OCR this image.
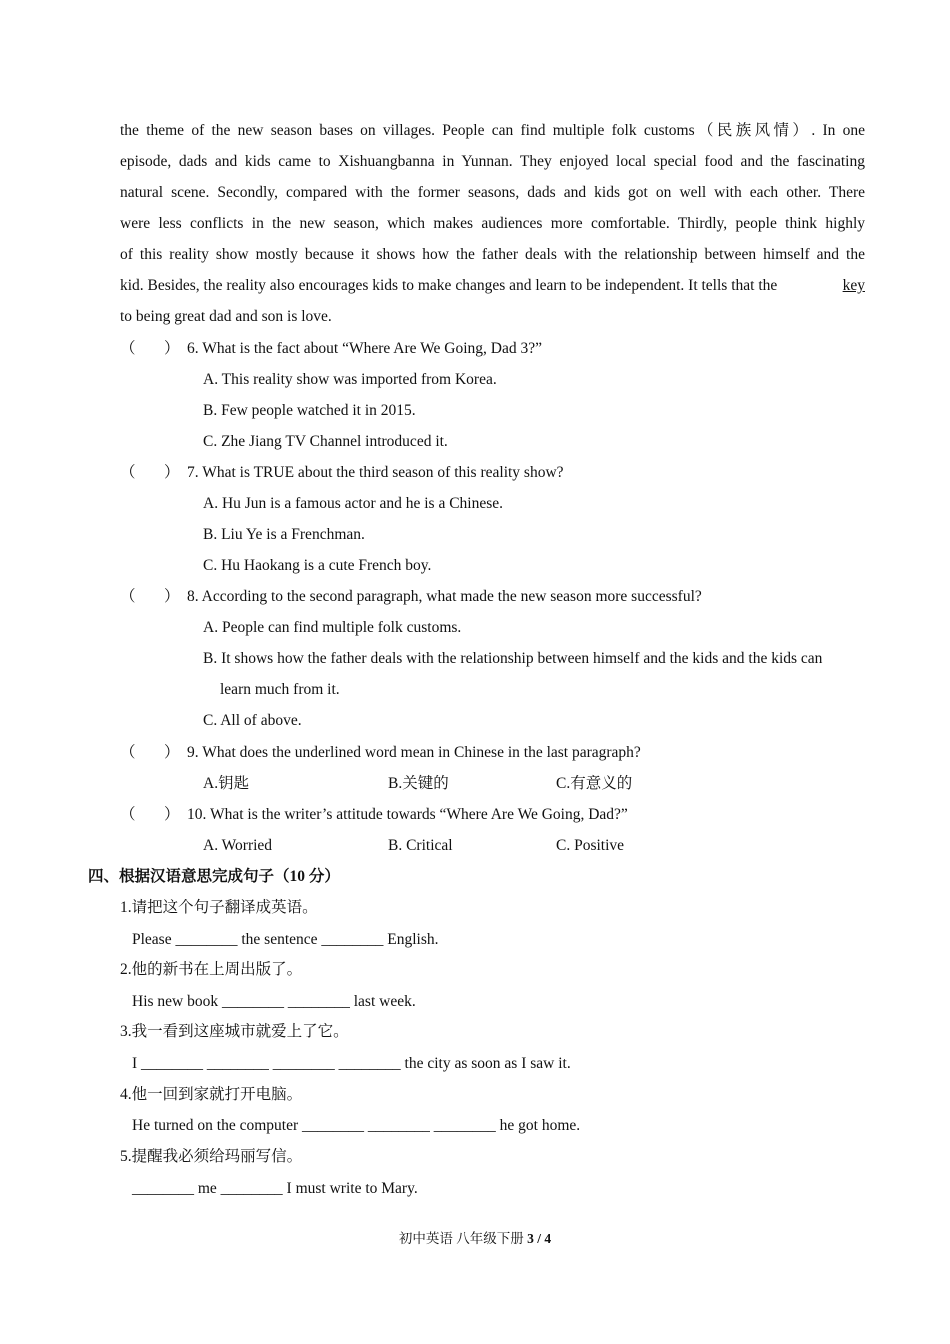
the theme of the new season bases on villages. People can find multiple folk customs（民族风情）. In one
episode, dads and kids came to Xishuangbanna in Yunnan. They enjoyed local special food and the fascinating
natural scene. Secondly, compared with the former seasons, dads and kids got on well with each other. There
were less conflicts in the new season, which makes audiences more comfortable. Thirdly, people think highly
of this reality show mostly because it shows how the father deals with the relationship between himself and the
kid. Besides, the reality also encourages kids to make changes and learn to be independent. It tells that the	key
to being great dad and son is love.
（ ） 6. What is the fact about “Where Are We Going, Dad 3?”
A. This reality show was imported from Korea.
B. Few people watched it in 2015.
C. Zhe Jiang TV Channel introduced it.
（ ） 7. What is TRUE about the third season of this reality show?
A. Hu Jun is a famous actor and he is a Chinese.
B. Liu Ye is a Frenchman.
C. Hu Haokang is a cute French boy.
（ ） 8. According to the second paragraph, what made the new season more successful?
A. People can find multiple folk customs.
B. It shows how the father deals with the relationship between himself and the kids and the kids can
learn much from it.
C. All of above.
（ ） 9. What does the underlined word mean in Chinese in the last paragraph?
A.钥匙	B.关键的	C.有意义的
（ ） 10. What is the writer’s attitude towards “Where Are We Going, Dad?”
A. Worried	B. Critical	C. Positive
四、根据汉语意思完成句子（10 分）
1.请把这个句子翻译成英语。
Please ________ the sentence ________ English.
2.他的新书在上周出版了。
His new book ________ ________ last week.
3.我一看到这座城市就爱上了它。
I ________ ________ ________ ________ the city as soon as I saw it.
4.他一回到家就打开电脑。
He turned on the computer ________ ________ ________ he got home.
5.提醒我必须给玛丽写信。
________ me ________ I must write to Mary.
初中英语 八年级下册 3 / 4
